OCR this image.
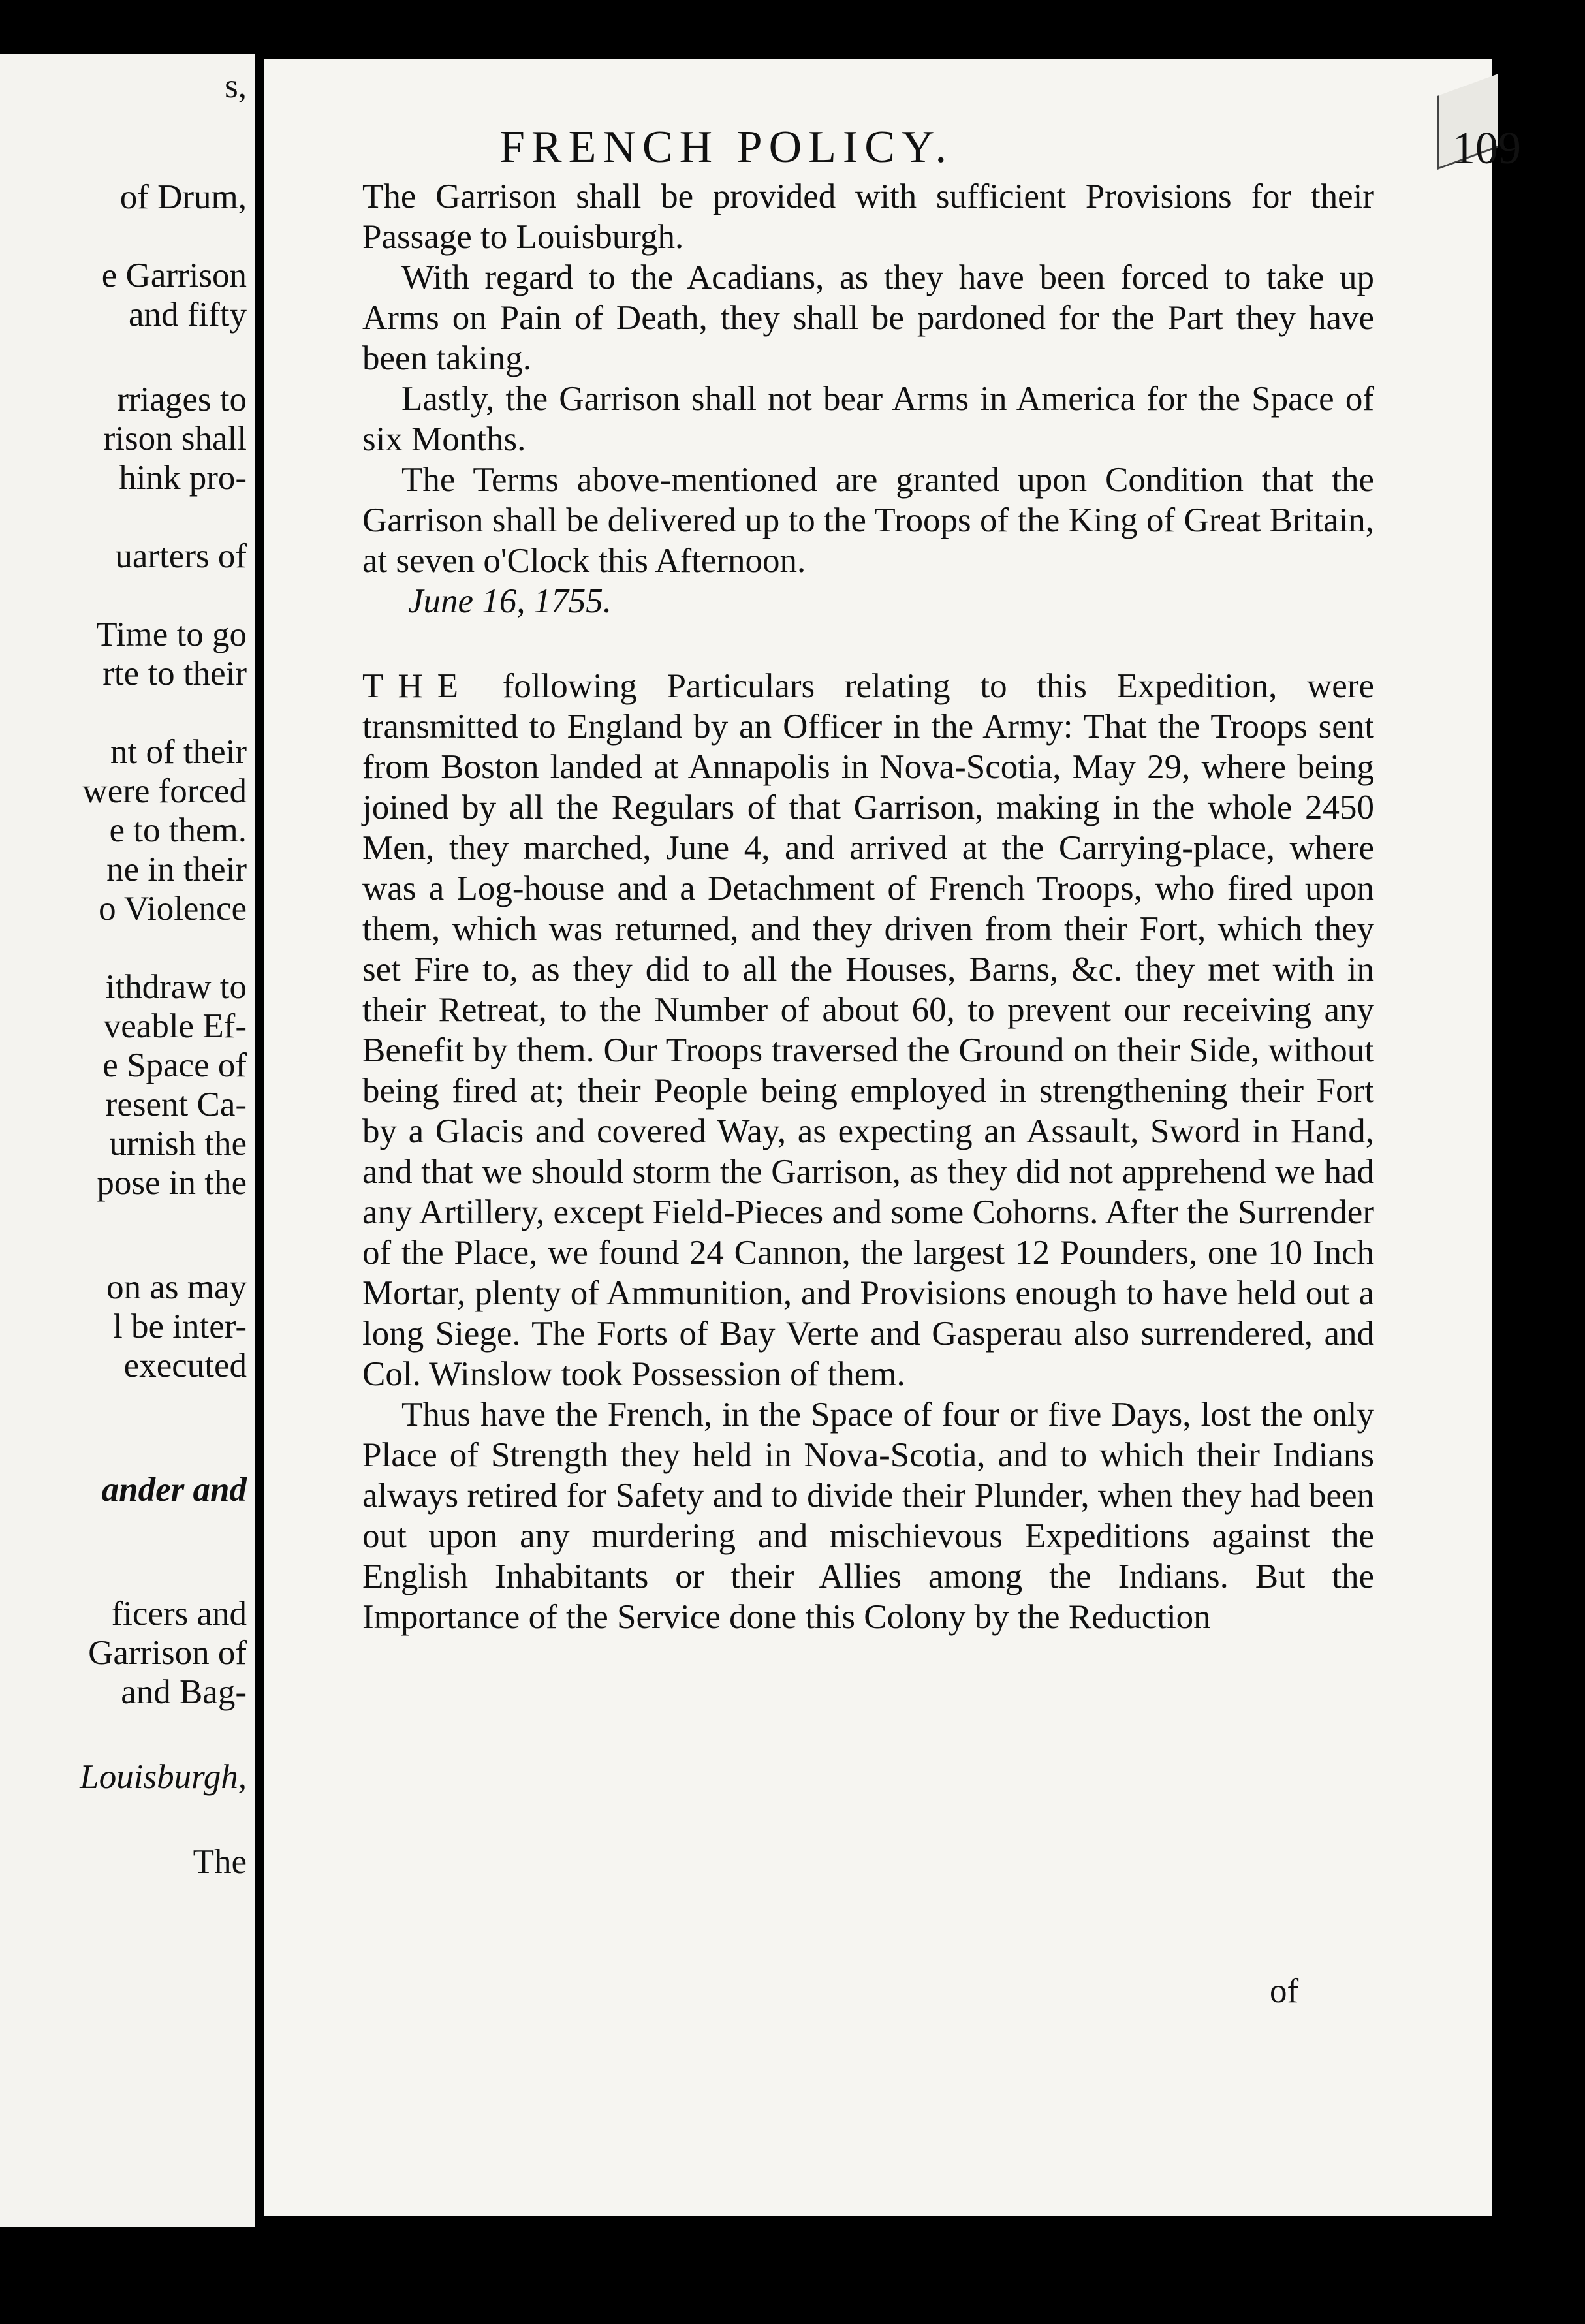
s,
of Drum,
e Garrison
and fifty
rriages to
rison shall
hink pro-
uarters of
Time to go
rte to their
nt of their
were forced
e to them.
ne in their
o Violence
ithdraw to
veable Ef-
e Space of
resent Ca-
urnish the
pose in the
on as may
l be inter-
executed
ander and
ficers and
Garrison of
and Bag-
Louisburgh,
The
FRENCH POLICY.	109

The Garrison shall be provided with sufficient Provisions for their Passage to Louisburgh.

With regard to the Acadians, as they have been forced to take up Arms on Pain of Death, they shall be pardoned for the Part they have been taking.

Lastly, the Garrison shall not bear Arms in America for the Space of six Months.

The Terms above-mentioned are granted upon Condition that the Garrison shall be delivered up to the Troops of the King of Great Britain, at seven o'Clock this Afternoon.

June 16, 1755.

THE following Particulars relating to this Expedition, were transmitted to England by an Officer in the Army: That the Troops sent from Boston landed at Annapolis in Nova-Scotia, May 29, where being joined by all the Regulars of that Garrison, making in the whole 2450 Men, they marched, June 4, and arrived at the Carrying-place, where was a Log-house and a Detachment of French Troops, who fired upon them, which was returned, and they driven from their Fort, which they set Fire to, as they did to all the Houses, Barns, &c. they met with in their Retreat, to the Number of about 60, to prevent our receiving any Benefit by them. Our Troops traversed the Ground on their Side, without being fired at; their People being employed in strengthening their Fort by a Glacis and covered Way, as expecting an Assault, Sword in Hand, and that we should storm the Garrison, as they did not apprehend we had any Artillery, except Field-Pieces and some Cohorns. After the Surrender of the Place, we found 24 Cannon, the largest 12 Pounders, one 10 Inch Mortar, plenty of Ammunition, and Provisions enough to have held out a long Siege. The Forts of Bay Verte and Gasperau also surrendered, and Col. Winslow took Possession of them.

Thus have the French, in the Space of four or five Days, lost the only Place of Strength they held in Nova-Scotia, and to which their Indians always retired for Safety and to divide their Plunder, when they had been out upon any murdering and mischievous Expeditions against the English Inhabitants or their Allies among the Indians. But the Importance of the Service done this Colony by the Reduction

of
